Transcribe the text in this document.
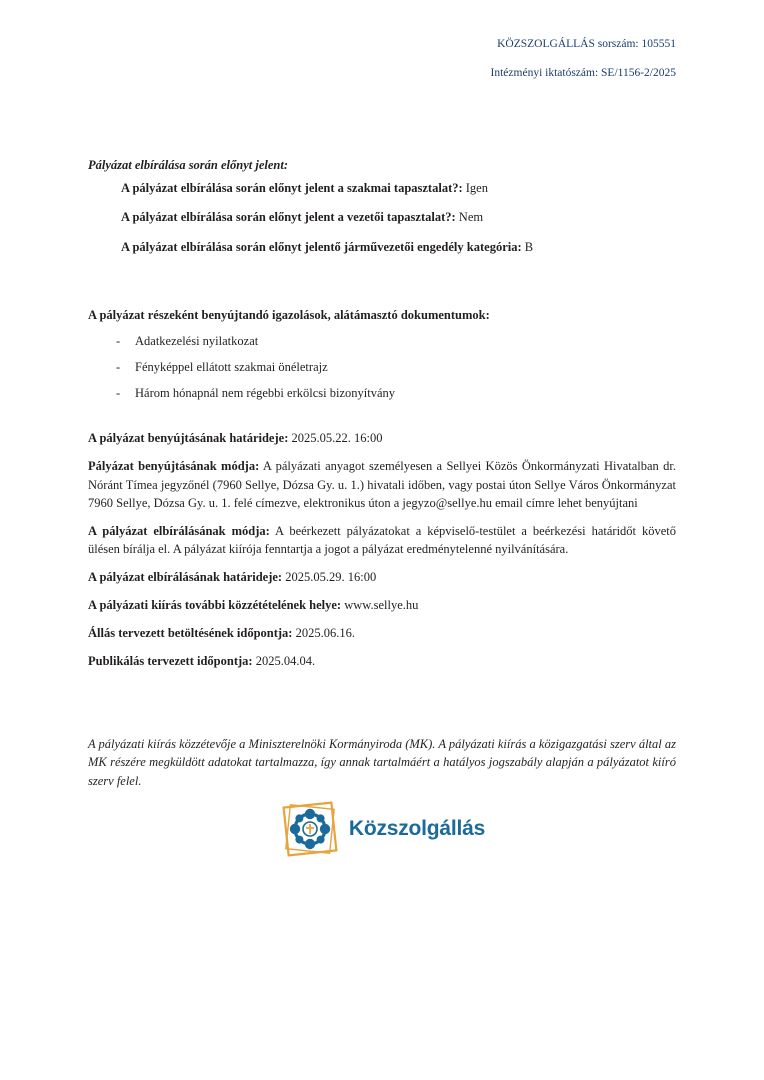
KÖZSZOLGÁLLÁS sorszám: 105551
Intézményi iktatószám: SE/1156-2/2025
Pályázat elbírálása során előnyt jelent:
A pályázat elbírálása során előnyt jelent a szakmai tapasztalat?: Igen
A pályázat elbírálása során előnyt jelent a vezetői tapasztalat?: Nem
A pályázat elbírálása során előnyt jelentő járművezetői engedély kategória: B
A pályázat részeként benyújtandó igazolások, alátámasztó dokumentumok:
- Adatkezelési nyilatkozat
- Fényképpel ellátott szakmai önéletrajz
- Három hónapnál nem régebbi erkölcsi bizonyítvány
A pályázat benyújtásának határideje: 2025.05.22. 16:00
Pályázat benyújtásának módja: A pályázati anyagot személyesen a Sellyei Közös Önkormányzati Hivatalban dr. Nóránt Tímea jegyzőnél (7960 Sellye, Dózsa Gy. u. 1.) hivatali időben, vagy postai úton Sellye Város Önkormányzat 7960 Sellye, Dózsa Gy. u. 1. felé címezve, elektronikus úton a jegyzo@sellye.hu email címre lehet benyújtani
A pályázat elbírálásának módja: A beérkezett pályázatokat a képviselő-testület a beérkezési határidőt követő ülésen bírálja el. A pályázat kiírója fenntartja a jogot a pályázat eredménytelenné nyilvánítására.
A pályázat elbírálásának határideje: 2025.05.29. 16:00
A pályázati kiírás további közzétételének helye: www.sellye.hu
Állás tervezett betöltésének időpontja: 2025.06.16.
Publikálás tervezett időpontja: 2025.04.04.
A pályázati kiírás közzétevője a Miniszterelnöki Kormányiroda (MK). A pályázati kiírás a közigazgatási szerv által az MK részére megküldött adatokat tartalmazza, így annak tartalmáért a hatályos jogszabály alapján a pályázatot kiíró szerv felel.
Közszolgállás
